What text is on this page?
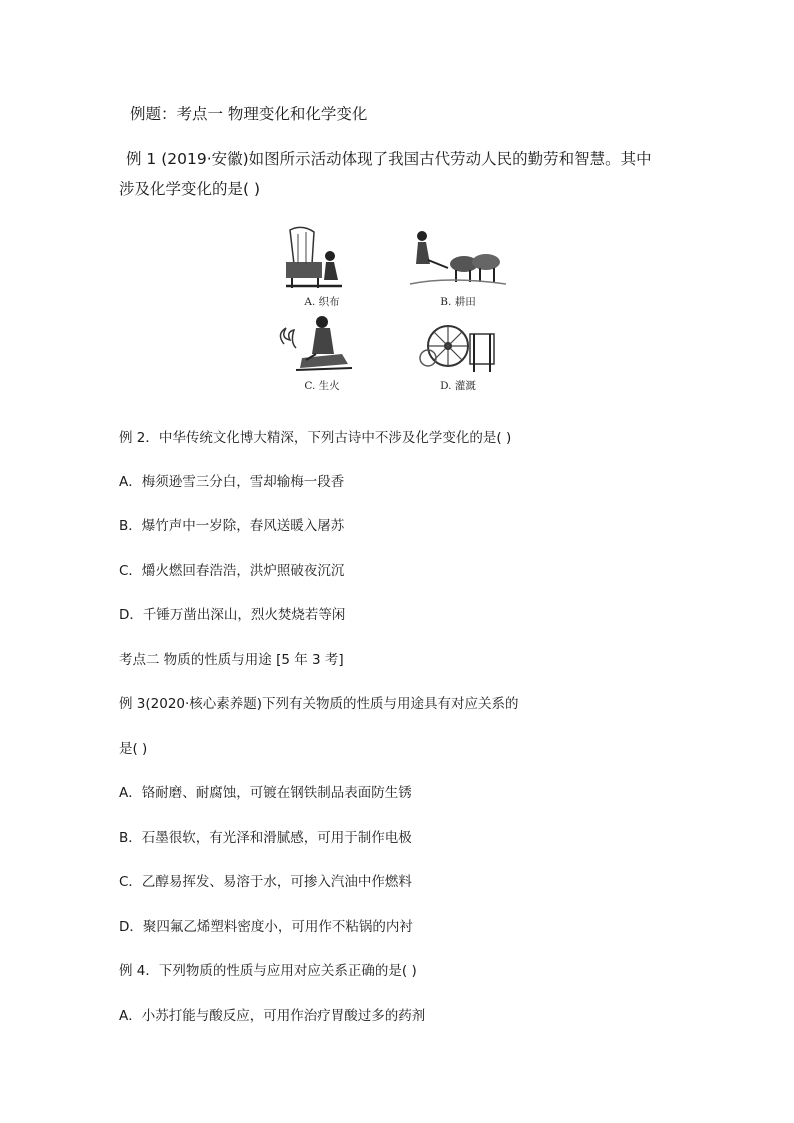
例题：考点一 物理变化和化学变化
例 1 (2019·安徽)如图所示活动体现了我国古代劳动人民的勤劳和智慧。其中
涉及化学变化的是( )
A. 织布	B. 耕田
C. 生火	D. 灌溉
例 2．中华传统文化博大精深，下列古诗中不涉及化学变化的是( )
A．梅须逊雪三分白，雪却输梅一段香
B．爆竹声中一岁除，春风送暖入屠苏
C．爝火燃回春浩浩，洪炉照破夜沉沉
D．千锤万凿出深山，烈火焚烧若等闲
考点二 物质的性质与用途 [5 年 3 考]
例 3(2020·核心素养题)下列有关物质的性质与用途具有对应关系的
是( )
A．铬耐磨、耐腐蚀，可镀在钢铁制品表面防生锈
B．石墨很软，有光泽和滑腻感，可用于制作电极
C．乙醇易挥发、易溶于水，可掺入汽油中作燃料
D．聚四氟乙烯塑料密度小，可用作不粘锅的内衬
例 4．下列物质的性质与应用对应关系正确的是( )
A．小苏打能与酸反应，可用作治疗胃酸过多的药剂
